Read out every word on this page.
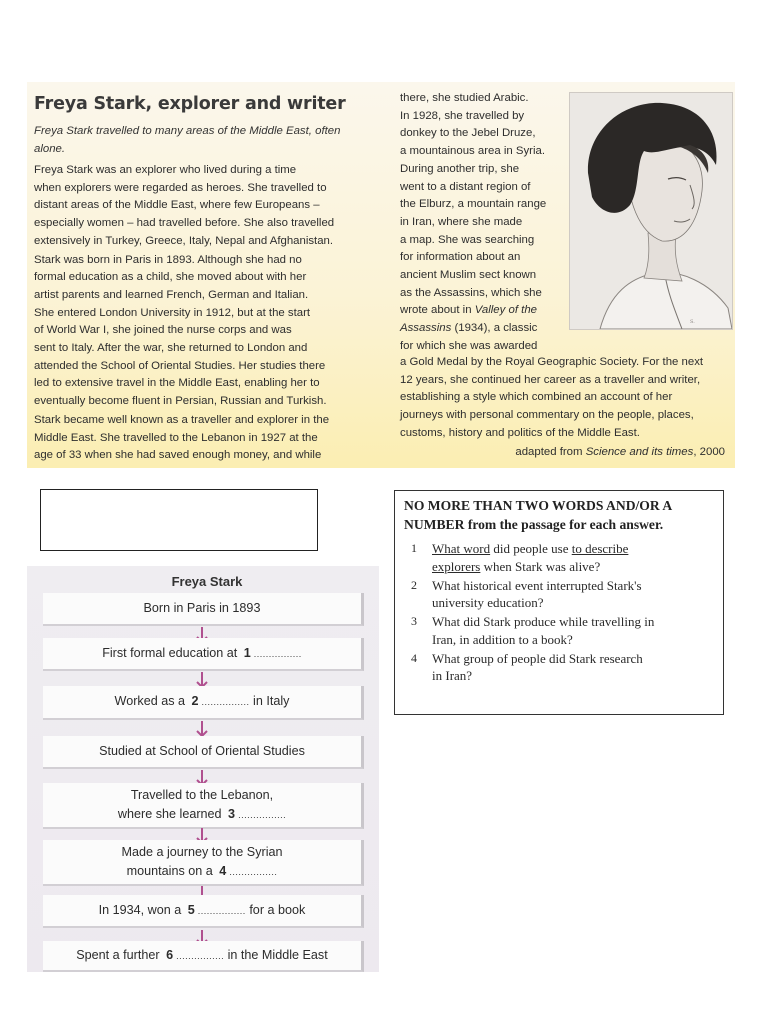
Freya Stark, explorer and writer
Freya Stark travelled to many areas of the Middle East, often alone.
Freya Stark was an explorer who lived during a time
when explorers were regarded as heroes. She travelled to
distant areas of the Middle East, where few Europeans –
especially women – had travelled before. She also travelled
extensively in Turkey, Greece, Italy, Nepal and Afghanistan.
Stark was born in Paris in 1893. Although she had no
formal education as a child, she moved about with her
artist parents and learned French, German and Italian.
She entered London University in 1912, but at the start
of World War I, she joined the nurse corps and was
sent to Italy. After the war, she returned to London and
attended the School of Oriental Studies. Her studies there
led to extensive travel in the Middle East, enabling her to
eventually become fluent in Persian, Russian and Turkish.
Stark became well known as a traveller and explorer in the
Middle East. She travelled to the Lebanon in 1927 at the
age of 33 when she had saved enough money, and while
there, she studied Arabic.
In 1928, she travelled by
donkey to the Jebel Druze,
a mountainous area in Syria.
During another trip, she
went to a distant region of
the Elburz, a mountain range
in Iran, where she made
a map. She was searching
for information about an
ancient Muslim sect known
as the Assassins, which she
wrote about in Valley of the
Assassins (1934), a classic
for which she was awarded
S.
a Gold Medal by the Royal Geographic Society. For the next
12 years, she continued her career as a traveller and writer,
establishing a style which combined an account of her
journeys with personal commentary on the people, places,
customs, history and politics of the Middle East.
adapted from Science and its times, 2000
Freya Stark
Born in Paris in 1893
First formal education at 1 ................
Worked as a 2 ................ in Italy
Studied at School of Oriental Studies
Travelled to the Lebanon,
where she learned 3 ................
Made a journey to the Syrian
mountains on a 4 ................
In 1934, won a 5 ................ for a book
Spent a further 6 ................ in the Middle East
NO MORE THAN TWO WORDS AND/OR A
NUMBER from the passage for each answer.
1 What word did people use to describe
explorers when Stark was alive?
2 What historical event interrupted Stark's
university education?
3 What did Stark produce while travelling in
Iran, in addition to a book?
4 What group of people did Stark research
in Iran?
